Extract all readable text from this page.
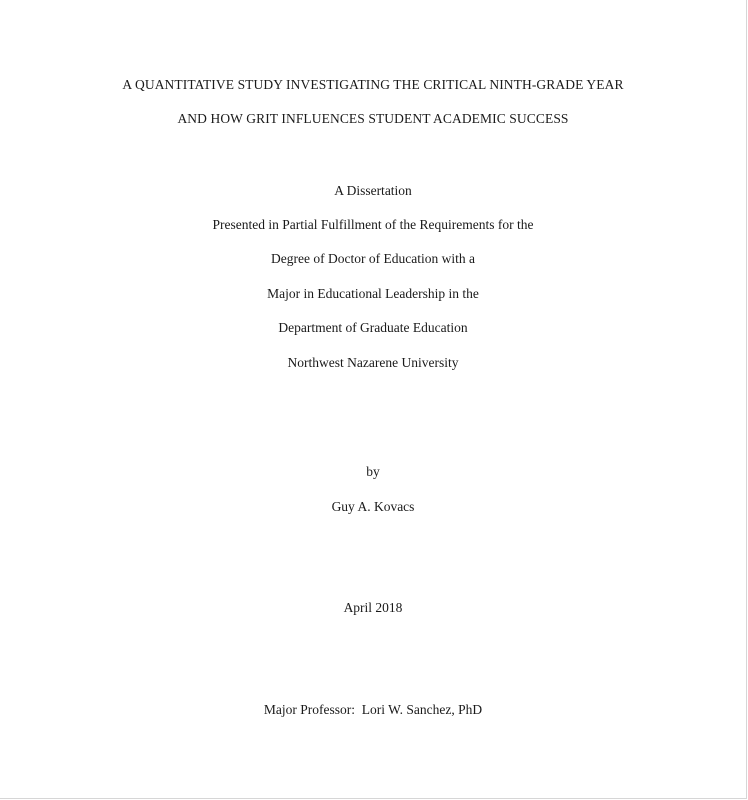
A QUANTITATIVE STUDY INVESTIGATING THE CRITICAL NINTH-GRADE YEAR
AND HOW GRIT INFLUENCES STUDENT ACADEMIC SUCCESS
A Dissertation
Presented in Partial Fulfillment of the Requirements for the
Degree of Doctor of Education with a
Major in Educational Leadership in the
Department of Graduate Education
Northwest Nazarene University
by
Guy A. Kovacs
April 2018
Major Professor:  Lori W. Sanchez, PhD
